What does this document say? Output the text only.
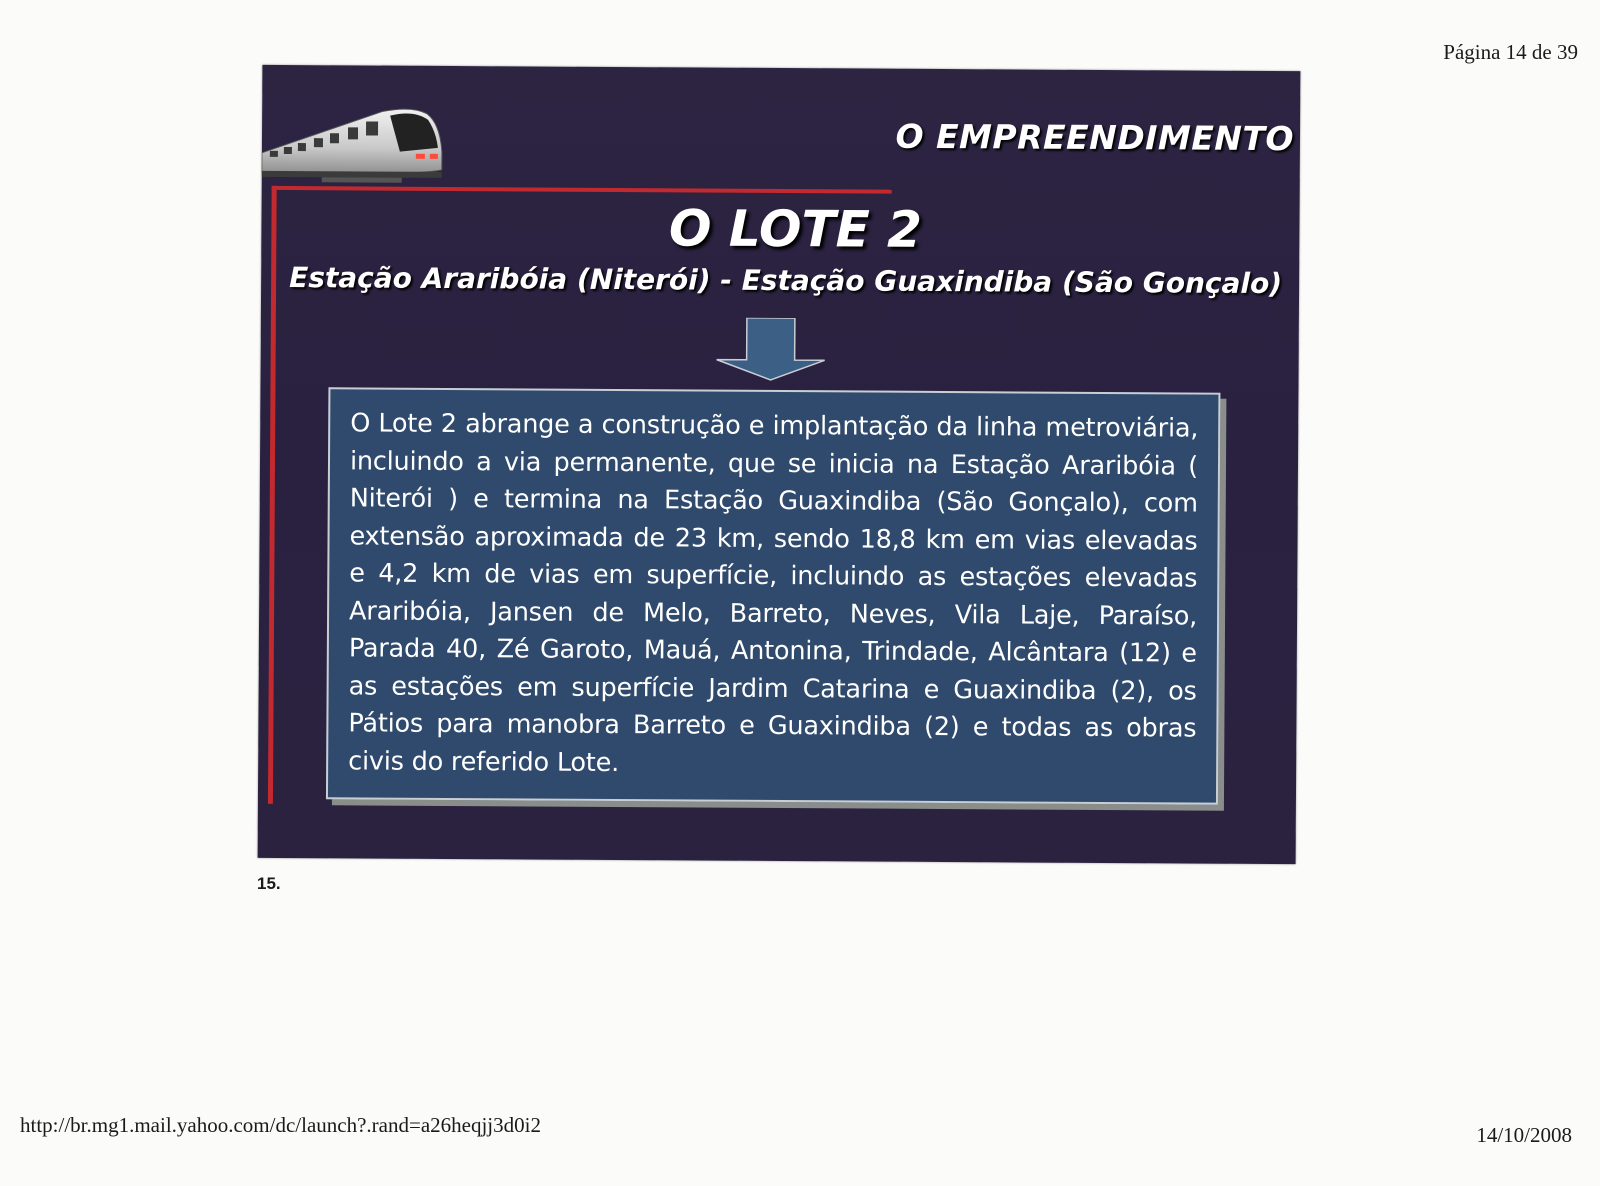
Página 14 de 39
O EMPREENDIMENTO
O LOTE 2
Estação Araribóia (Niterói) - Estação Guaxindiba (São Gonçalo)

O Lote 2 abrange a construção e implantação da linha metroviária, incluindo a via permanente, que se inicia na Estação Araribóia ( Niterói ) e termina na Estação Guaxindiba (São Gonçalo), com extensão aproximada de 23 km, sendo 18,8 km em vias elevadas e 4,2 km de vias em superfície, incluindo as estações elevadas Araribóia, Jansen de Melo, Barreto, Neves, Vila Laje, Paraíso, Parada 40, Zé Garoto, Mauá, Antonina, Trindade, Alcântara (12) e as estações em superfície Jardim Catarina e Guaxindiba (2), os Pátios para manobra Barreto e Guaxindiba (2) e todas as obras civis do referido Lote.

15.
http://br.mg1.mail.yahoo.com/dc/launch?.rand=a26heqjj3d0i2	14/10/2008
